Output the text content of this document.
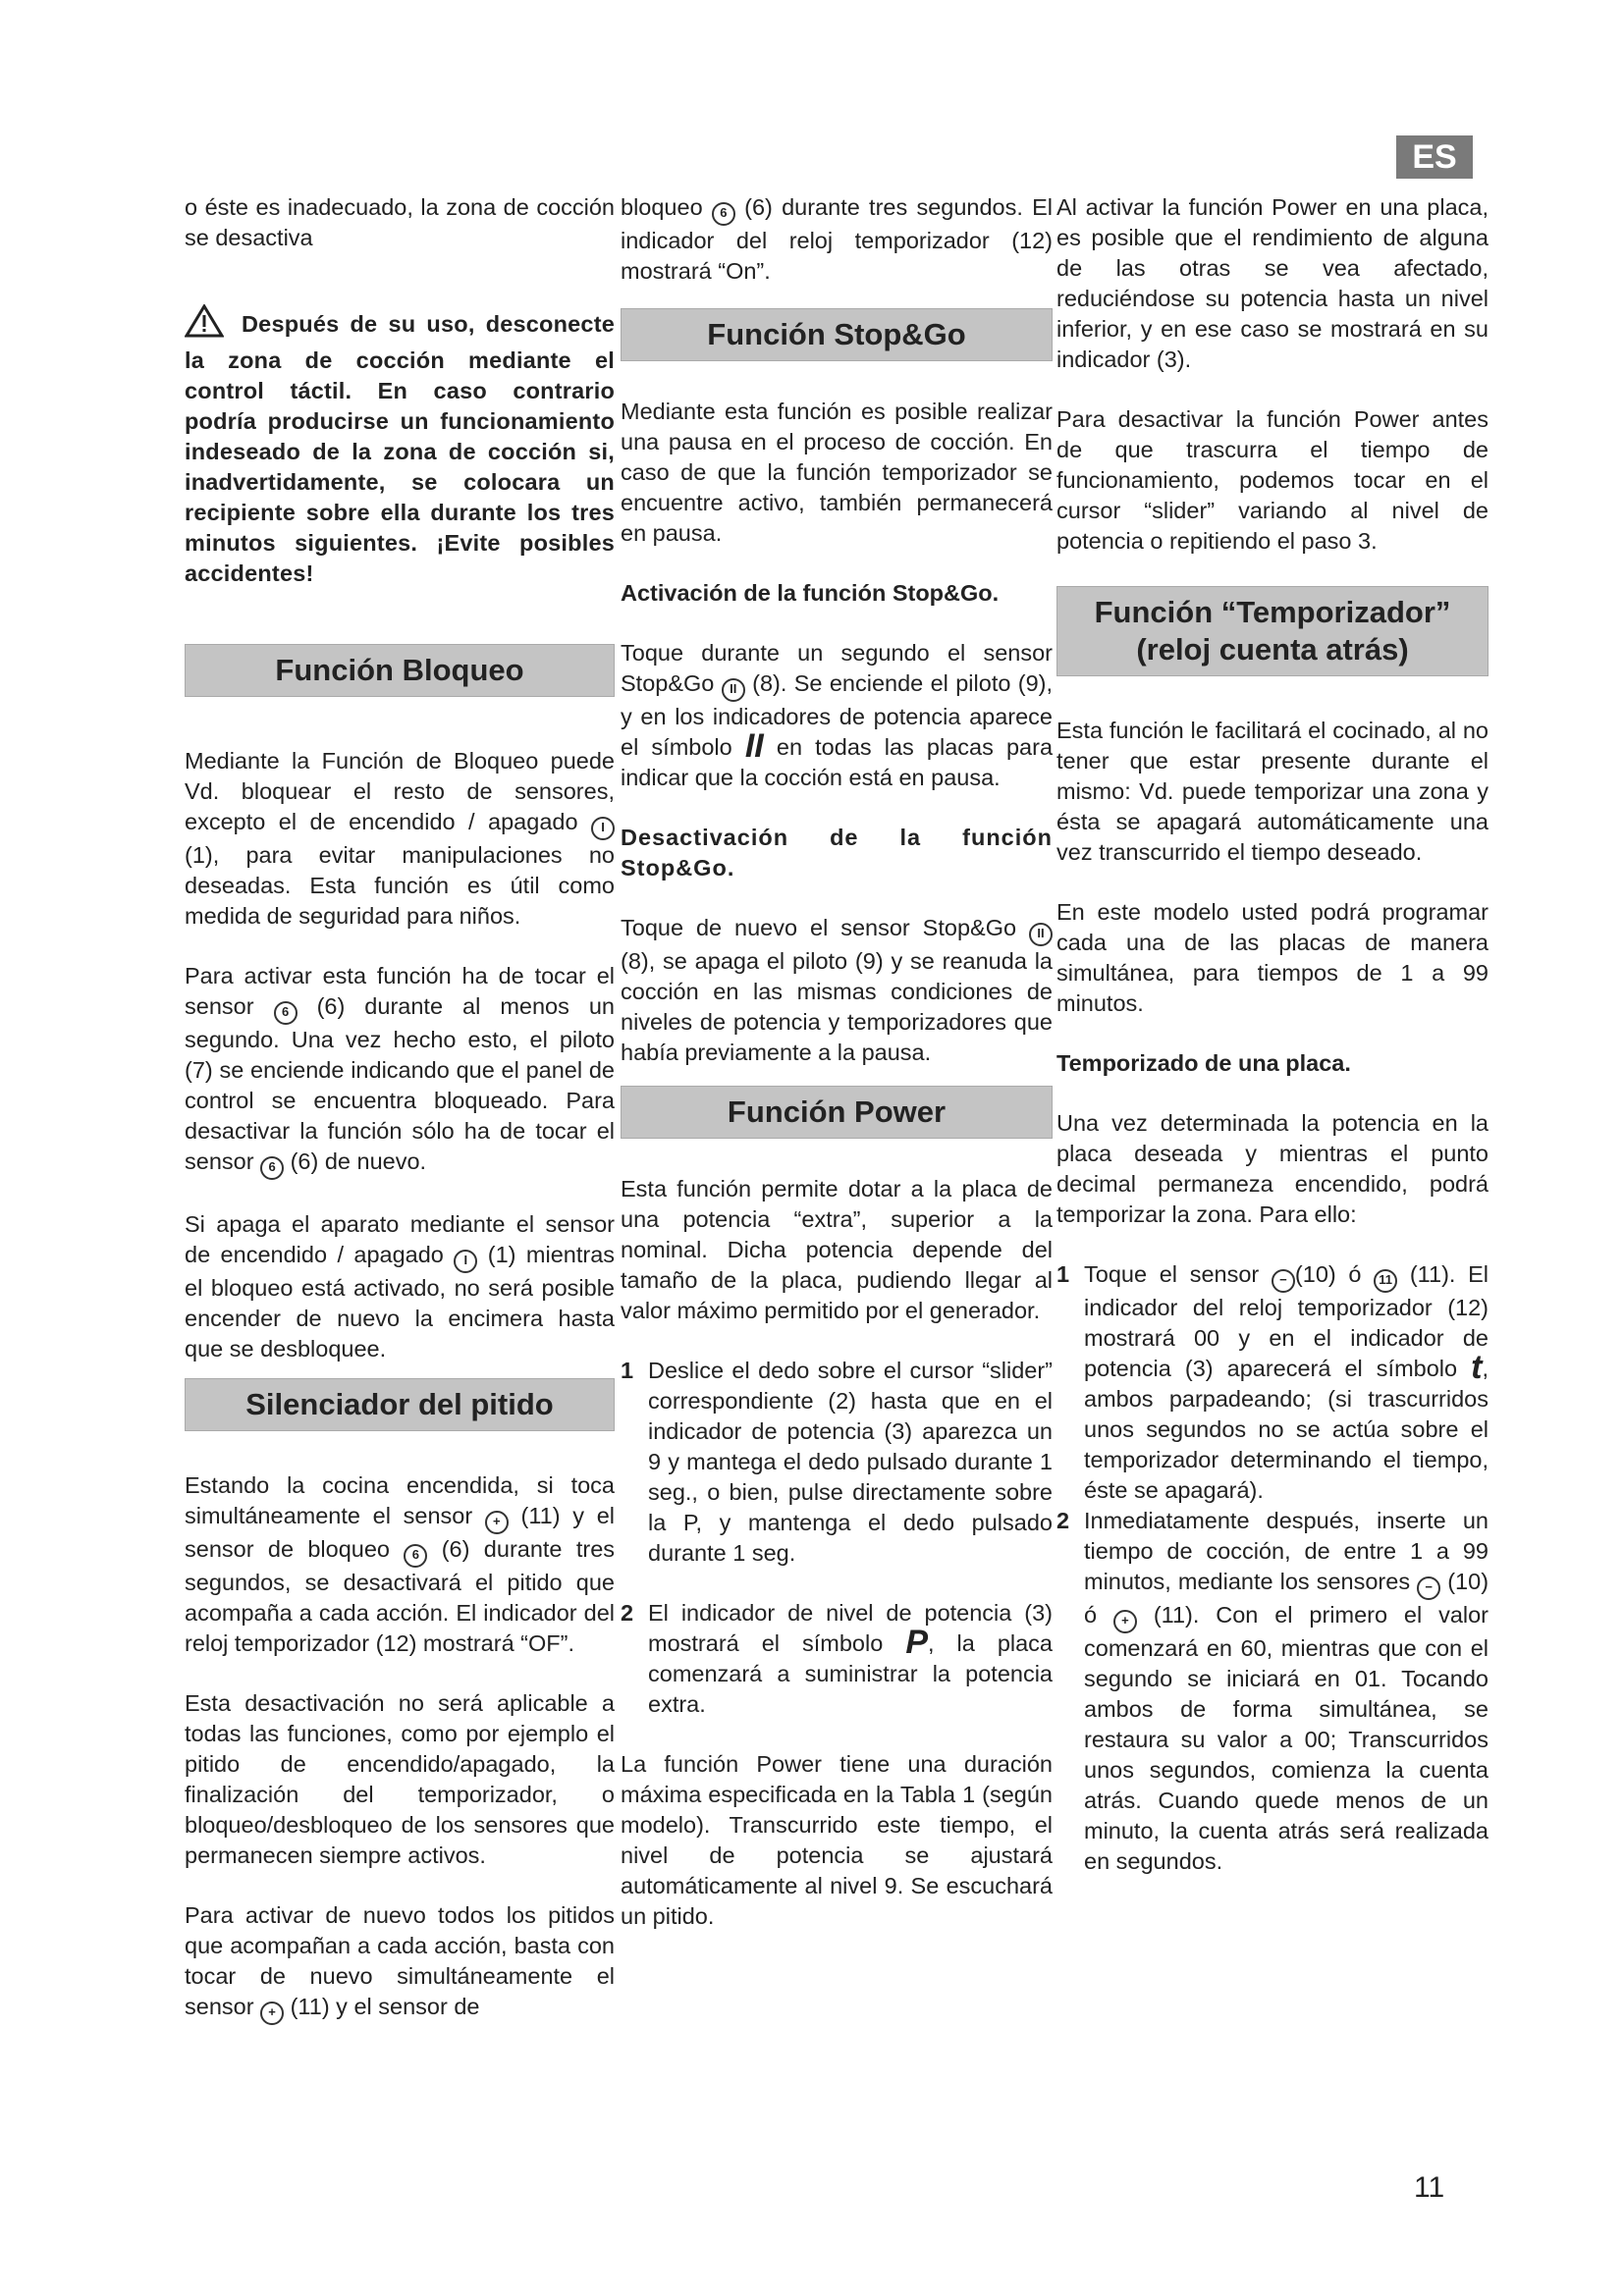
ES

o éste es inadecuado, la zona de cocción se desactiva

Después de su uso, desconecte la zona de cocción mediante el control táctil. En caso contrario podría producirse un funcionamiento indeseado de la zona de cocción si, inadvertidamente, se colocara un recipiente sobre ella durante los tres minutos siguientes. ¡Evite posibles accidentes!

Función Bloqueo

Mediante la Función de Bloqueo puede Vd. bloquear el resto de sensores, excepto el de encendido / apagado I (1), para evitar manipulaciones no deseadas. Esta función es útil como medida de seguridad para niños.

Para activar esta función ha de tocar el sensor 6 (6) durante al menos un segundo. Una vez hecho esto, el piloto (7) se enciende indicando que el panel de control se encuentra bloqueado. Para desactivar la función sólo ha de tocar el sensor 6 (6) de nuevo.

Si apaga el aparato mediante el sensor de encendido / apagado I (1) mientras el bloqueo está activado, no será posible encender de nuevo la encimera hasta que se desbloquee.

Silenciador del pitido

Estando la cocina encendida, si toca simultáneamente el sensor + (11) y el sensor de bloqueo 6 (6) durante tres segundos, se desactivará el pitido que acompaña a cada acción. El indicador del reloj temporizador (12) mostrará “OF”.

Esta desactivación no será aplicable a todas las funciones, como por ejemplo el pitido de encendido/apagado, la finalización del temporizador, o bloqueo/desbloqueo de los sensores que permanecen siempre activos.

Para activar de nuevo todos los pitidos que acompañan a cada acción, basta con tocar de nuevo simultáneamente el sensor + (11) y el sensor de

bloqueo 6 (6) durante tres segundos. El indicador del reloj temporizador (12) mostrará “On”.

Función Stop&Go

Mediante esta función es posible realizar una pausa en el proceso de cocción. En caso de que la función temporizador se encuentre activo, también permanecerá en pausa.

Activación de la función Stop&Go.

Toque durante un segundo el sensor Stop&Go II (8). Se enciende el piloto (9), y en los indicadores de potencia aparece el símbolo II en todas las placas para indicar que la cocción está en pausa.

Desactivación de la función Stop&Go.

Toque de nuevo el sensor Stop&Go II (8), se apaga el piloto (9) y se reanuda la cocción en las mismas condiciones de niveles de potencia y temporizadores que había previamente a la pausa.

Función Power

Esta función permite dotar a la placa de una potencia “extra”, superior a la nominal. Dicha potencia depende del tamaño de la placa, pudiendo llegar al valor máximo permitido por el generador.

1 Deslice el dedo sobre el cursor “slider” correspondiente (2) hasta que en el indicador de potencia (3) aparezca un 9 y mantega el dedo pulsado durante 1 seg., o bien, pulse directamente sobre la P, y mantenga el dedo pulsado durante 1 seg.
2 El indicador de nivel de potencia (3) mostrará el símbolo P, la placa comenzará a suministrar la potencia extra.

La función Power tiene una duración máxima especificada en la Tabla 1 (según modelo). Transcurrido este tiempo, el nivel de potencia se ajustará automáticamente al nivel 9. Se escuchará un pitido.

Al activar la función Power en una placa, es posible que el rendimiento de alguna de las otras se vea afectado, reduciéndose su potencia hasta un nivel inferior, y en ese caso se mostrará en su indicador (3).

Para desactivar la función Power antes de que trascurra el tiempo de funcionamiento, podemos tocar en el cursor “slider” variando al nivel de potencia o repitiendo el paso 3.

Función “Temporizador” (reloj cuenta atrás)

Esta función le facilitará el cocinado, al no tener que estar presente durante el mismo: Vd. puede temporizar una zona y ésta se apagará automáticamente una vez transcurrido el tiempo deseado.

En este modelo usted podrá programar cada una de las placas de manera simultánea, para tiempos de 1 a 99 minutos.

Temporizado de una placa.

Una vez determinada la potencia en la placa deseada y mientras el punto decimal permaneza encendido, podrá temporizar la zona. Para ello:

1 Toque el sensor − (10) ó 11 (11). El indicador del reloj temporizador (12) mostrará 00 y en el indicador de potencia (3) aparecerá el símbolo t, ambos parpadeando; (si trascurridos unos segundos no se actúa sobre el temporizador determinando el tiempo, éste se apagará).
2 Inmediatamente después, inserte un tiempo de cocción, de entre 1 a 99 minutos, mediante los sensores − (10) ó + (11). Con el primero el valor comenzará en 60, mientras que con el segundo se iniciará en 01. Tocando ambos de forma simultánea, se restaura su valor a 00; Transcurridos unos segundos, comienza la cuenta atrás. Cuando quede menos de un minuto, la cuenta atrás será realizada en segundos.
11
